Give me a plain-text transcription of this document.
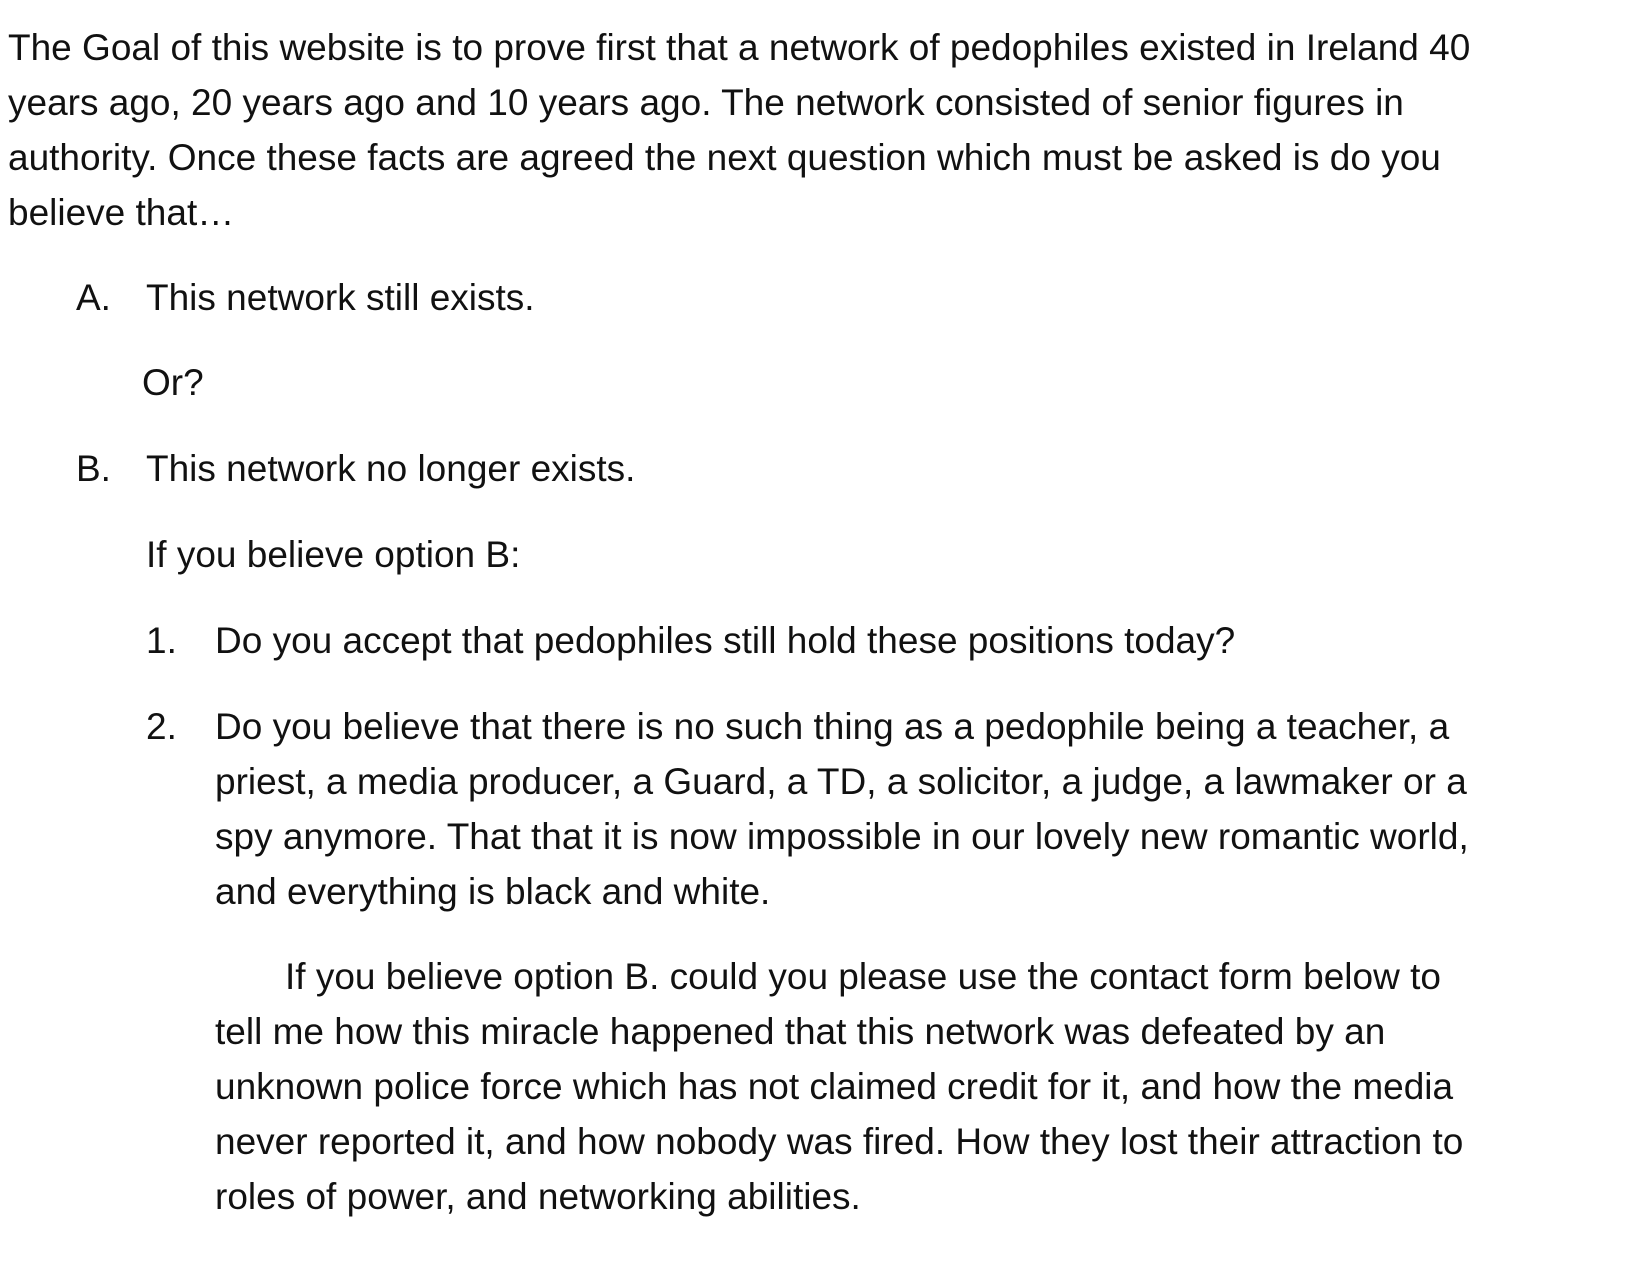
The Goal of this website is to prove first that a network of pedophiles existed in Ireland 40
years ago, 20 years ago and 10 years ago. The network consisted of senior figures in
authority. Once these facts are agreed the next question which must be asked is do you
believe that…

A. This network still exists.
Or?
B. This network no longer exists.
If you believe option B:
1. Do you accept that pedophiles still hold these positions today?
2. Do you believe that there is no such thing as a pedophile being a teacher, a
priest, a media producer, a Guard, a TD, a solicitor, a judge, a lawmaker or a
spy anymore. That that it is now impossible in our lovely new romantic world,
and everything is black and white.

If you believe option B. could you please use the contact form below to
tell me how this miracle happened that this network was defeated by an
unknown police force which has not claimed credit for it, and how the media
never reported it, and how nobody was fired. How they lost their attraction to
roles of power, and networking abilities.
